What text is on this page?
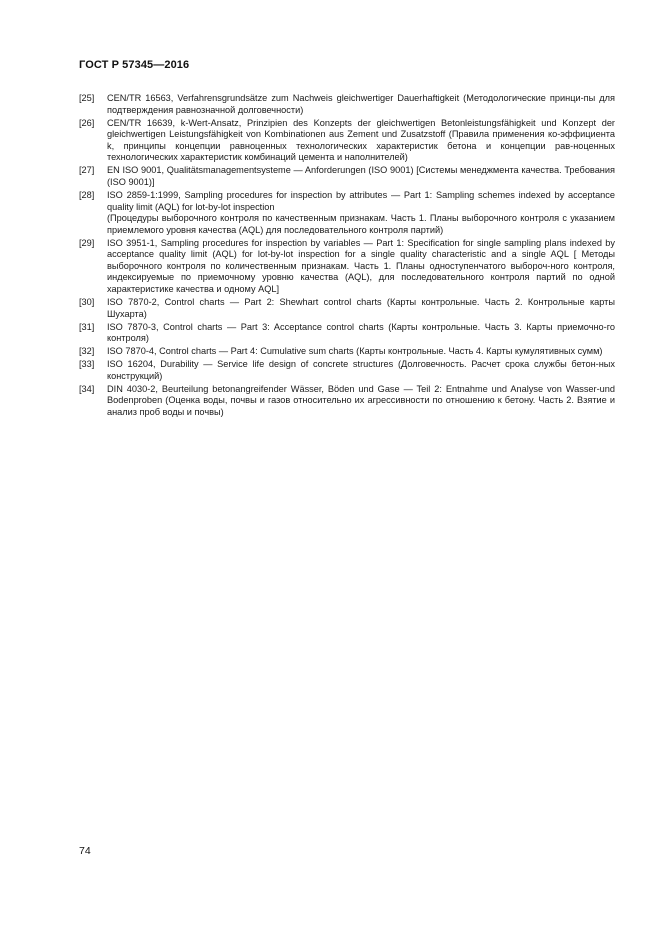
ГОСТ Р 57345—2016
[25]	CEN/TR 16563, Verfahrensgrundsätze zum Nachweis gleichwertiger Dauerhaftigkeit (Методологические принци-пы для подтверждения равнозначной долговечности)
[26]	CEN/TR 16639, k-Wert-Ansatz, Prinzipien des Konzepts der gleichwertigen Betonleistungsfähigkeit und Konzept der gleichwertigen Leistungsfähigkeit von Kombinationen aus Zement und Zusatzstoff (Правила применения ко-эффициента k, принципы концепции равноценных технологических характеристик бетона и концепции рав-ноценных технологических характеристик комбинаций цемента и наполнителей)
[27]	EN ISO 9001, Qualitätsmanagementsysteme — Anforderungen (ISO 9001) [Системы менеджмента качества. Требования (ISO 9001)]
[28]	ISO 2859-1:1999, Sampling procedures for inspection by attributes — Part 1: Sampling schemes indexed by acceptance quality limit (AQL) for lot-by-lot inspection
(Процедуры выборочного контроля по качественным признакам. Часть 1. Планы выборочного контроля с указанием приемлемого уровня качества (AQL) для последовательного контроля партий)
[29]	ISO 3951-1, Sampling procedures for inspection by variables — Part 1: Specification for single sampling plans indexed by acceptance quality limit (AQL) for lot-by-lot inspection for a single quality characteristic and a single AQL [ Методы выборочного контроля по количественным признакам. Часть 1. Планы одноступенчатого выбороч-ного контроля, индексируемые по приемочному уровню качества (AQL), для последовательного контроля партий по одной характеристике качества и одному AQL]
[30]	ISO 7870-2, Control charts — Part 2: Shewhart control charts (Карты контрольные. Часть 2. Контрольные карты Шухарта)
[31]	ISO 7870-3, Control charts — Part 3: Acceptance control charts (Карты контрольные. Часть 3. Карты приемочно-го контроля)
[32]	ISO 7870-4, Control charts — Part 4: Cumulative sum charts (Карты контрольные. Часть 4. Карты кумулятивных сумм)
[33]	ISO 16204, Durability — Service life design of concrete structures (Долговечность. Расчет срока службы бетон-ных конструкций)
[34]	DIN 4030-2, Beurteilung betonangreifender Wässer, Böden und Gase — Teil 2: Entnahme und Analyse von Wasser-und Bodenproben (Оценка воды, почвы и газов относительно их агрессивности по отношению к бетону. Часть 2. Взятие и анализ проб воды и почвы)
74
